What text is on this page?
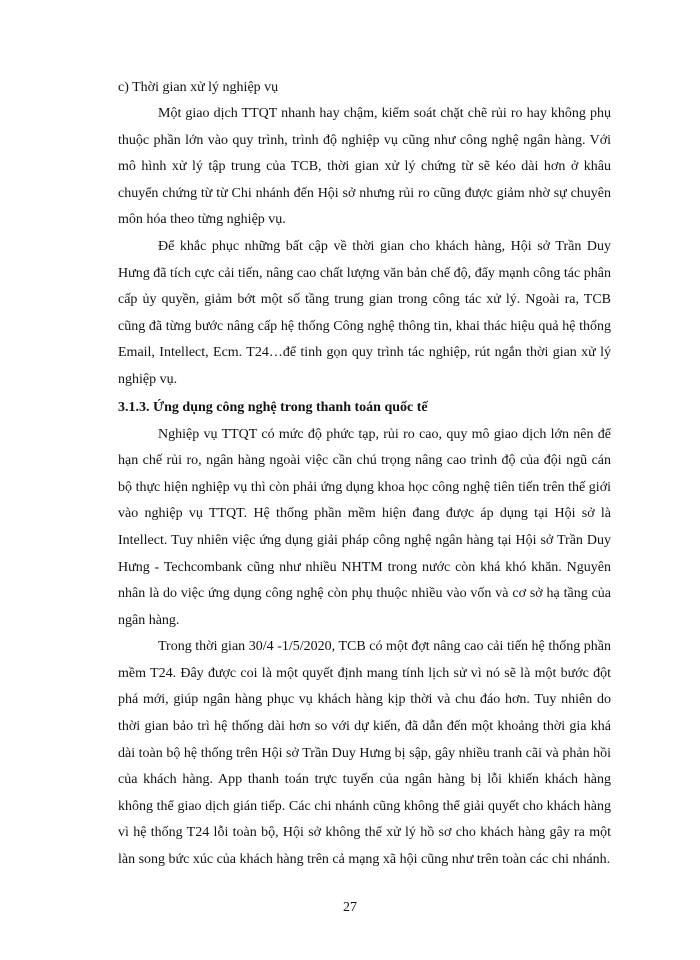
c) Thời gian xử lý nghiệp vụ

Một giao dịch TTQT nhanh hay chậm, kiểm soát chặt chẽ rủi ro hay không phụ thuộc phần lớn vào quy trình, trình độ nghiệp vụ cũng như công nghệ ngân hàng. Với mô hình xử lý tập trung của TCB, thời gian xử lý chứng từ sẽ kéo dài hơn ở khâu chuyển chứng từ từ Chi nhánh đến Hội sở nhưng rủi ro cũng được giảm nhờ sự chuyên môn hóa theo từng nghiệp vụ.

Để khắc phục những bất cập về thời gian cho khách hàng, Hội sở Trần Duy Hưng đã tích cực cải tiến, nâng cao chất lượng văn bản chế độ, đẩy mạnh công tác phân cấp ủy quyền, giảm bớt một số tầng trung gian trong công tác xử lý. Ngoài ra, TCB cũng đã từng bước nâng cấp hệ thống Công nghệ thông tin, khai thác hiệu quả hệ thống Email, Intellect, Ecm. T24…để tinh gọn quy trình tác nghiệp, rút ngắn thời gian xử lý nghiệp vụ.

3.1.3. Ứng dụng công nghệ trong thanh toán quốc tế

Nghiệp vụ TTQT có mức độ phức tạp, rủi ro cao, quy mô giao dịch lớn nên để hạn chế rủi ro, ngân hàng ngoài việc cần chú trọng nâng cao trình độ của đội ngũ cán bộ thực hiện nghiệp vụ thì còn phải ứng dụng khoa học công nghệ tiên tiến trên thế giới vào nghiệp vụ TTQT. Hệ thống phần mềm hiện đang được áp dụng tại Hội sở là Intellect. Tuy nhiên việc ứng dụng giải pháp công nghệ ngân hàng tại Hội sở Trần Duy Hưng - Techcombank cũng như nhiều NHTM trong nước còn khá khó khăn. Nguyên nhân là do việc ứng dụng công nghệ còn phụ thuộc nhiều vào vốn và cơ sở hạ tầng của ngân hàng.

Trong thời gian 30/4 -1/5/2020, TCB có một đợt nâng cao cải tiến hệ thống phần mềm T24. Đây được coi là một quyết định mang tính lịch sử vì nó sẽ là một bước đột phá mới, giúp ngân hàng phục vụ khách hàng kịp thời và chu đáo hơn. Tuy nhiên do thời gian bảo trì hệ thống dài hơn so với dự kiến, đã dẫn đến một khoảng thời gia khá dài toàn bộ hệ thống trên Hội sở Trần Duy Hưng bị sập, gây nhiều tranh cãi và phản hồi của khách hàng. App thanh toán trực tuyến của ngân hàng bị lỗi khiến khách hàng không thể giao dịch gián tiếp. Các chi nhánh cũng không thể giải quyết cho khách hàng vì hệ thống T24 lỗi toàn bộ, Hội sở không thể xử lý hồ sơ cho khách hàng gây ra một làn song bức xúc của khách hàng trên cả mạng xã hội cũng như trên toàn các chi nhánh.

27
